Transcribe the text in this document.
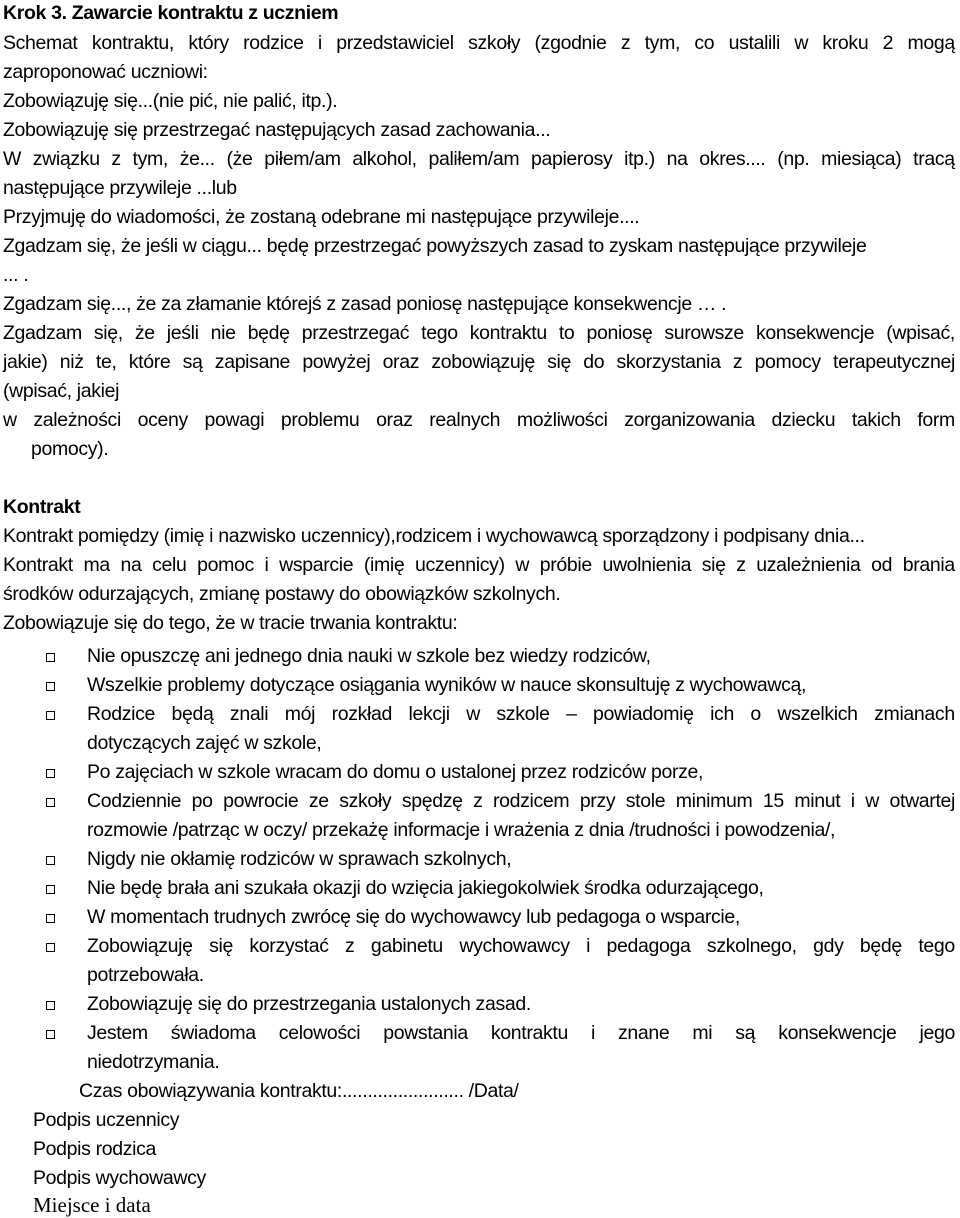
Krok 3. Zawarcie kontraktu z uczniem
Schemat kontraktu, który rodzice i przedstawiciel szkoły (zgodnie z tym, co ustalili w kroku 2 mogą
zaproponować uczniowi:
Zobowiązuję się...(nie pić, nie palić, itp.).
Zobowiązuję się przestrzegać następujących zasad zachowania...
W związku z tym, że... (że piłem/am alkohol, paliłem/am papierosy itp.) na okres.... (np. miesiąca) tracą
następujące przywileje ...lub
Przyjmuję do wiadomości, że zostaną odebrane mi następujące przywileje....
Zgadzam się, że jeśli w ciągu... będę przestrzegać powyższych zasad to zyskam następujące przywileje
... .
Zgadzam się..., że za złamanie którejś z zasad poniosę następujące konsekwencje … .
Zgadzam się, że jeśli nie będę przestrzegać tego kontraktu to poniosę surowsze konsekwencje (wpisać,
jakie) niż te, które są zapisane powyżej oraz zobowiązuję się do skorzystania z pomocy terapeutycznej
(wpisać, jakiej
w zależności oceny powagi problemu oraz realnych możliwości zorganizowania dziecku takich form
pomocy).
Kontrakt
Kontrakt pomiędzy (imię i nazwisko uczennicy),rodzicem i wychowawcą sporządzony i podpisany dnia...
Kontrakt ma na celu pomoc i wsparcie (imię uczennicy) w próbie uwolnienia się z uzależnienia od brania
środków odurzających, zmianę postawy do obowiązków szkolnych.
Zobowiązuje się do tego, że w tracie trwania kontraktu:
Nie opuszczę ani jednego dnia nauki w szkole bez wiedzy rodziców,
Wszelkie problemy dotyczące osiągania wyników w nauce skonsultuję z wychowawcą,
Rodzice będą znali mój rozkład lekcji w szkole – powiadomię ich o wszelkich zmianach
dotyczących zajęć w szkole,
Po zajęciach w szkole wracam do domu o ustalonej przez rodziców porze,
Codziennie po powrocie ze szkoły spędzę z rodzicem przy stole minimum 15 minut i w otwartej
rozmowie /patrząc w oczy/ przekażę informacje i wrażenia z dnia /trudności i powodzenia/,
Nigdy nie okłamię rodziców w sprawach szkolnych,
Nie będę brała ani szukała okazji do wzięcia jakiegokolwiek środka odurzającego,
W momentach trudnych zwrócę się do wychowawcy lub pedagoga o wsparcie,
Zobowiązuję się korzystać z gabinetu wychowawcy i pedagoga szkolnego, gdy będę tego
potrzebowała.
Zobowiązuję się do przestrzegania ustalonych zasad.
Jestem świadoma celowości powstania kontraktu i znane mi są konsekwencje jego
niedotrzymania.
Czas obowiązywania kontraktu:........................ /Data/
Podpis uczennicy
Podpis rodzica
Podpis wychowawcy
Miejsce i data
